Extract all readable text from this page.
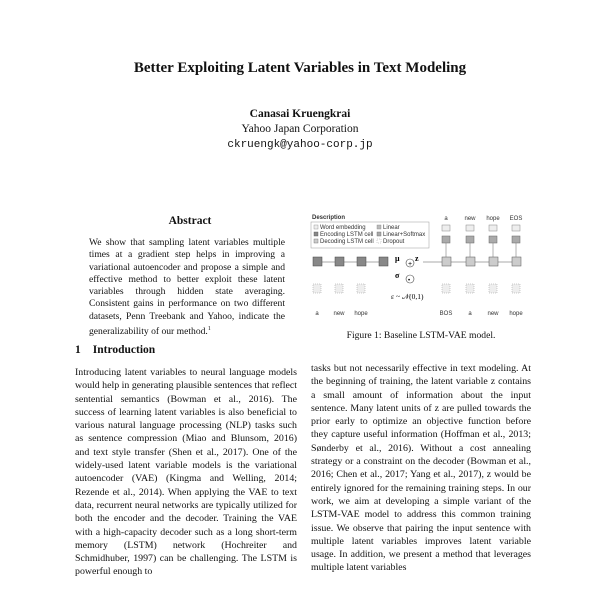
Better Exploiting Latent Variables in Text Modeling
Canasai Kruengkrai
Yahoo Japan Corporation
ckruengk@yahoo-corp.jp
Abstract
We show that sampling latent variables multiple times at a gradient step helps in improving a variational autoencoder and propose a simple and effective method to better exploit these latent variables through hidden state averaging. Consistent gains in performance on two different datasets, Penn Treebank and Yahoo, indicate the generalizability of our method.$^1$
Description
Word embedding	Linear
Encoding LSTM cell Linear+Softmax
Decoding LSTM cell Dropout
a	new hope EOS
μ
σ
+
•
z
ε ~ 𝒩(0,1)
a new hope	BOS	a	new hope
Figure 1: Baseline LSTM-VAE model.
1 Introduction
Introducing latent variables to neural language models would help in generating plausible sentences that reflect sentential semantics (Bowman et al., 2016). The success of learning latent variables is also beneficial to various natural language processing (NLP) tasks such as sentence compression (Miao and Blunsom, 2016) and text style transfer (Shen et al., 2017). One of the widely-used latent variable models is the variational autoencoder (VAE) (Kingma and Welling, 2014; Rezende et al., 2014). When applying the VAE to text data, recurrent neural networks are typically utilized for both the encoder and the decoder. Training the VAE with a high-capacity decoder such as a long short-term memory (LSTM) network (Hochreiter and Schmidhuber, 1997) can be challenging. The LSTM is powerful enough to
tasks but not necessarily effective in text modeling. At the beginning of training, the latent variable z contains a small amount of information about the input sentence. Many latent units of z are pulled towards the prior early to optimize an objective function before they capture useful information (Hoffman et al., 2013; Sønderby et al., 2016). Without a cost annealing strategy or a constraint on the decoder (Bowman et al., 2016; Chen et al., 2017; Yang et al., 2017), z would be entirely ignored for the remaining training steps. In our work, we aim at developing a simple variant of the LSTM-VAE model to address this common training issue. We observe that pairing the input sentence with multiple latent variables improves latent variable usage. In addition, we present a method that leverages multiple latent variables
